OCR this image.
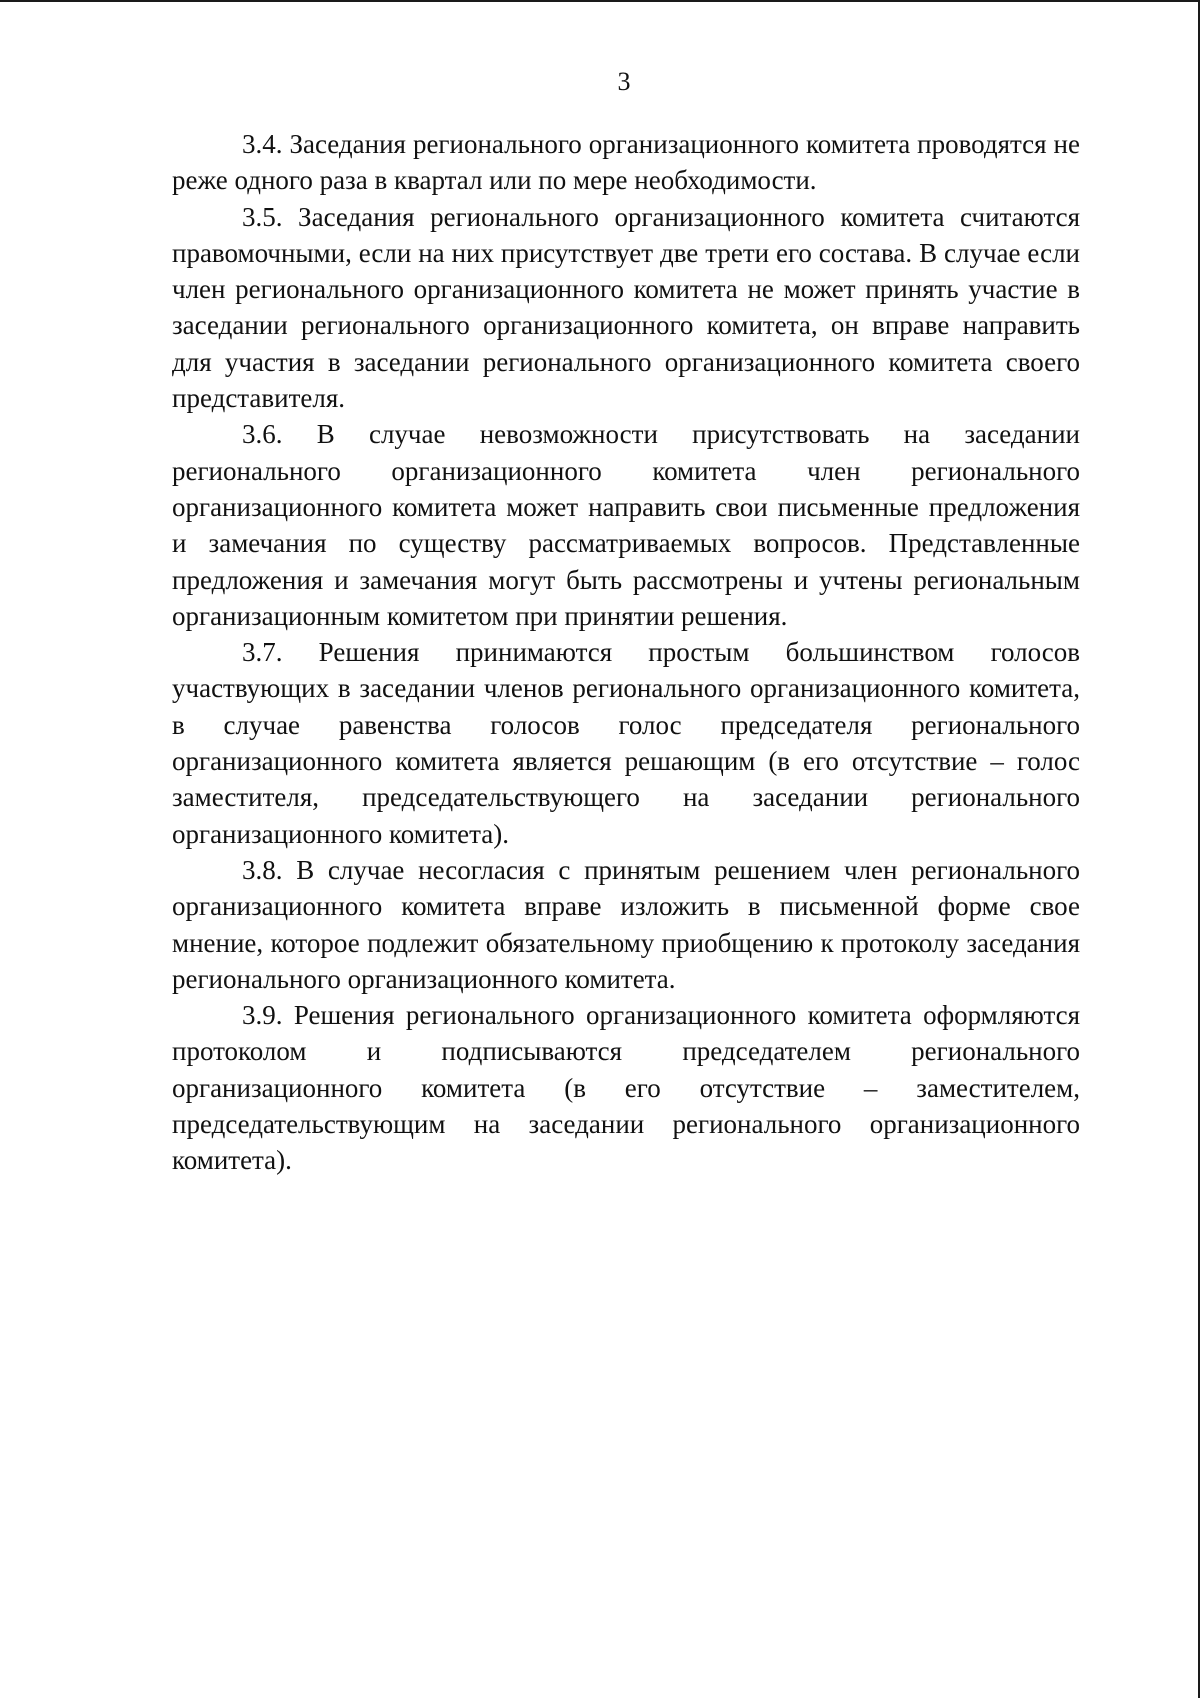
3

3.4. Заседания регионального организационного комитета проводятся не реже одного раза в квартал или по мере необходимости.

3.5. Заседания регионального организационного комитета считаются правомочными, если на них присутствует две трети его состава. В случае если член регионального организационного комитета не может принять участие в заседании регионального организационного комитета, он вправе направить для участия в заседании регионального организационного комитета своего представителя.

3.6. В случае невозможности присутствовать на заседании регионального организационного комитета член регионального организационного комитета может направить свои письменные предложения и замечания по существу рассматриваемых вопросов. Представленные предложения и замечания могут быть рассмотрены и учтены региональным организационным комитетом при принятии решения.

3.7. Решения принимаются простым большинством голосов участвующих в заседании членов регионального организационного комитета, в случае равенства голосов голос председателя регионального организационного комитета является решающим (в его отсутствие – голос заместителя, председательствующего на заседании регионального организационного комитета).

3.8. В случае несогласия с принятым решением член регионального организационного комитета вправе изложить в письменной форме свое мнение, которое подлежит обязательному приобщению к протоколу заседания регионального организационного комитета.

3.9. Решения регионального организационного комитета оформляются протоколом и подписываются председателем регионального организационного комитета (в его отсутствие – заместителем, председательствующим на заседании регионального организационного комитета).
